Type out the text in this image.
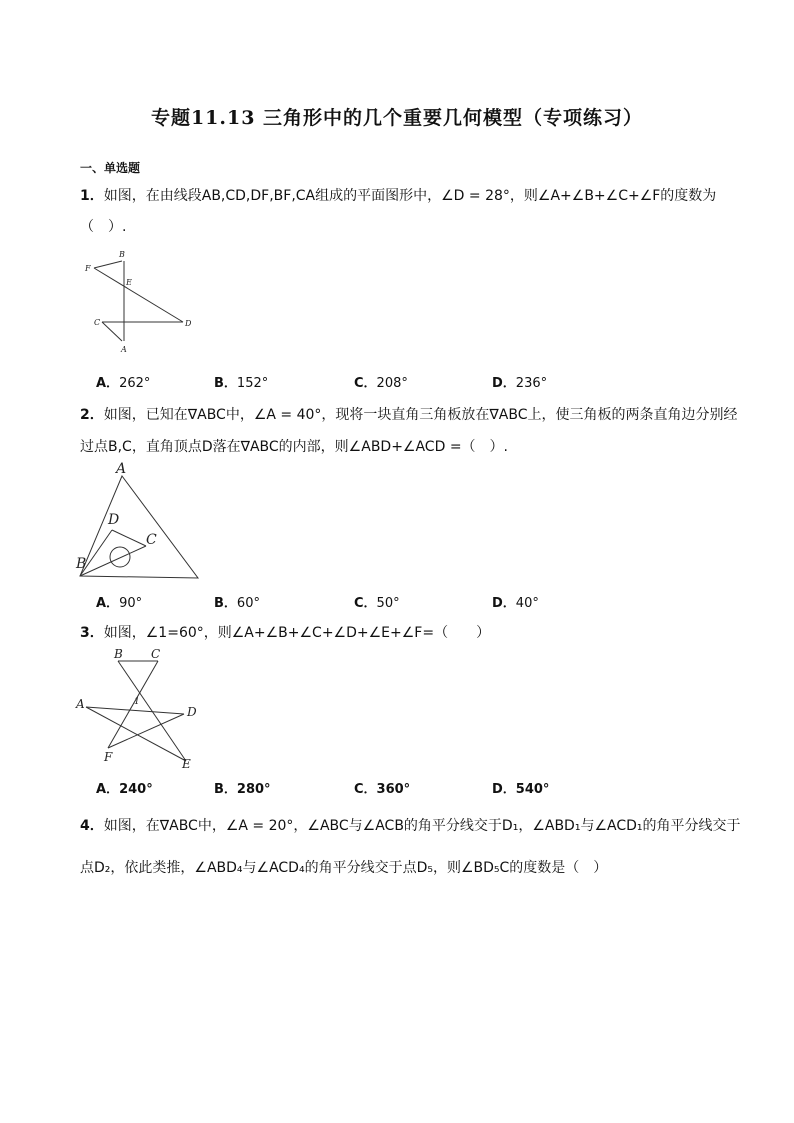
专题11.13 三角形中的几个重要几何模型（专项练习）
一、单选题
1．如图，在由线段AB,CD,DF,BF,CA组成的平面图形中，∠D = 28°，则∠A+∠B+∠C+∠F的度数为
（　）.
F
B
E
C	D
A
A．262°	B．152°	C．208°	D．236°
2．如图，已知在∇ABC中，∠A = 40°，现将一块直角三角板放在∇ABC上，使三角板的两条直角边分别经
过点B,C，直角顶点D落在∇ABC的内部，则∠ABD+∠ACD =（　）.
A
D
C
B
A．90°	B．60°	C．50°	D．40°
3．如图，∠1=60°，则∠A+∠B+∠C+∠D+∠E+∠F=（　　）
B C
A	1
D
F	E
A．240°	B．280°	C．360°	D．540°
4．如图，在∇ABC中，∠A = 20°，∠ABC与∠ACB的角平分线交于D₁，∠ABD₁与∠ACD₁的角平分线交于
点D₂，依此类推，∠ABD₄与∠ACD₄的角平分线交于点D₅，则∠BD₅C的度数是（　）
